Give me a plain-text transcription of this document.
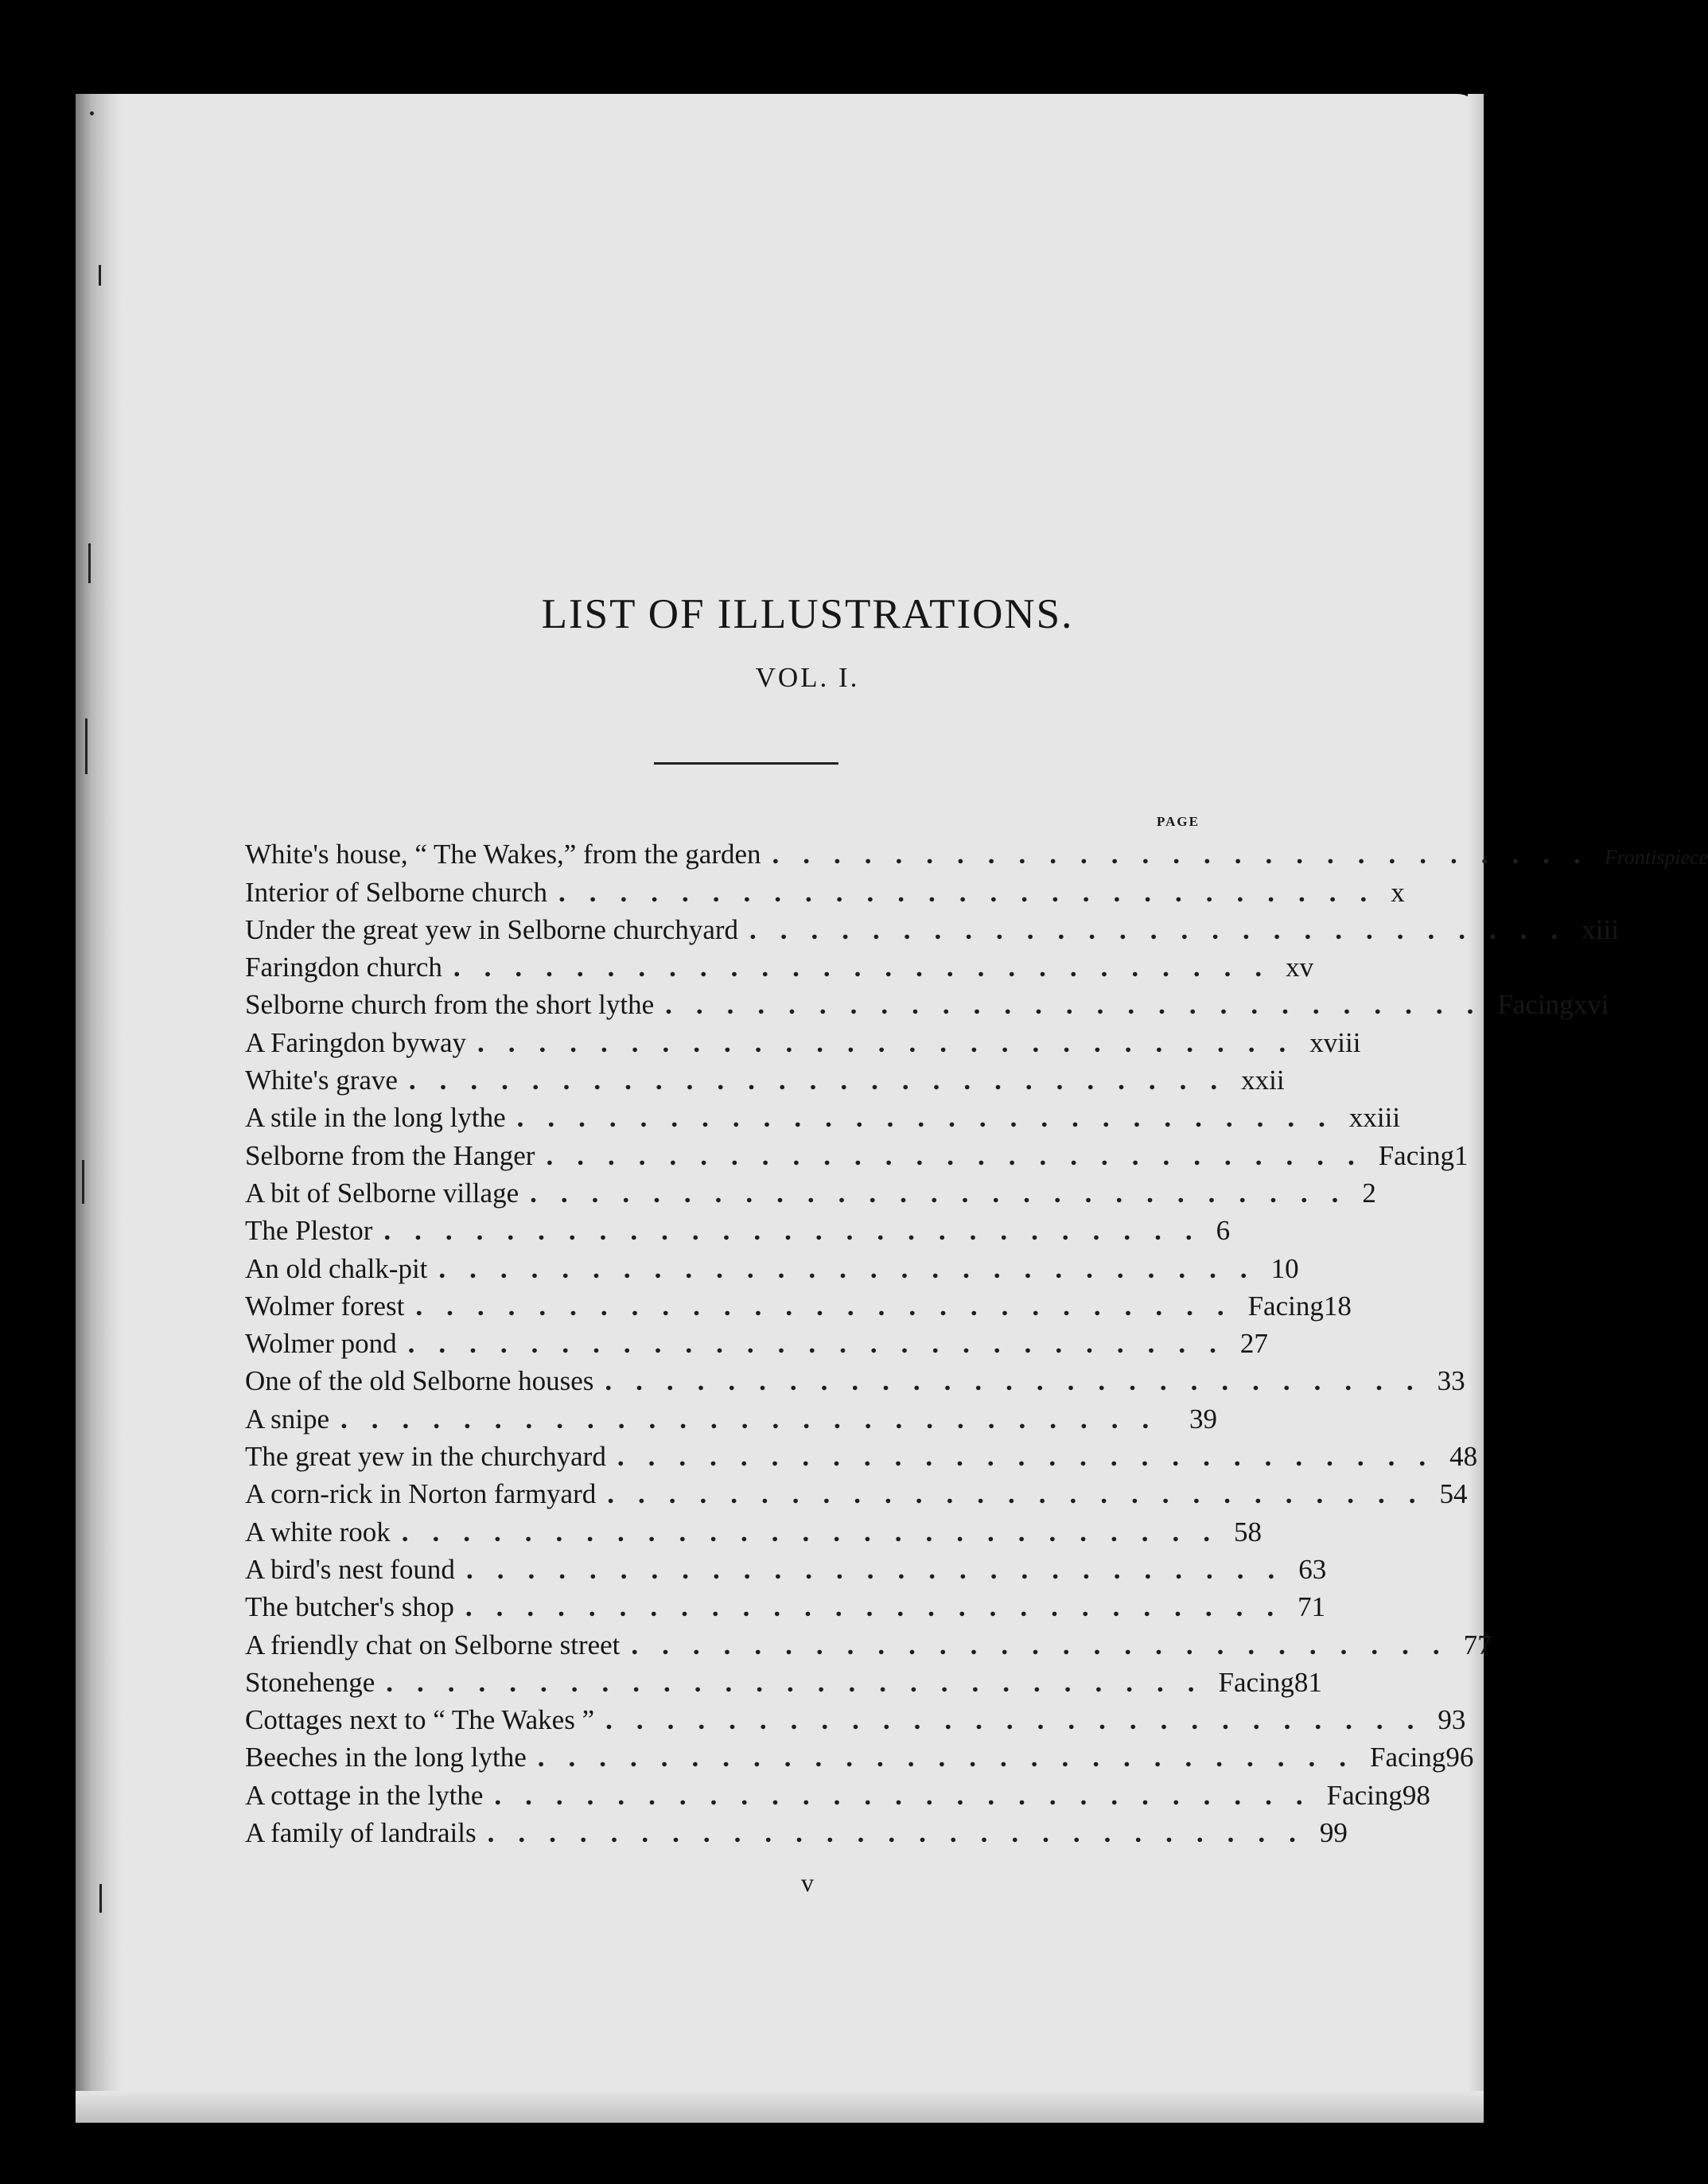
LIST OF ILLUSTRATIONS.
VOL. I.
PAGE
White's house, “ The Wakes,” from the garden ........................... Frontispiece
Interior of Selborne church ........................... x
Under the great yew in Selborne churchyard ........................... xiii
Faringdon church ........................... xv
Selborne church from the short lythe ........................... Facing xvi
A Faringdon byway ........................... xviii
White's grave ........................... xxii
A stile in the long lythe ........................... xxiii
Selborne from the Hanger ........................... Facing 1
A bit of Selborne village ........................... 2
The Plestor ........................... 6
An old chalk-pit ........................... 10
Wolmer forest ........................... Facing 18
Wolmer pond ........................... 27
One of the old Selborne houses ........................... 33
A snipe ........................... 39
The great yew in the churchyard ........................... 48
A corn-rick in Norton farmyard ........................... 54
A white rook ........................... 58
A bird's nest found ........................... 63
The butcher's shop ........................... 71
A friendly chat on Selborne street ........................... 77
Stonehenge ........................... Facing 81
Cottages next to “ The Wakes ” ........................... 93
Beeches in the long lythe ........................... Facing 96
A cottage in the lythe ........................... Facing 98
A family of landrails ........................... 99
v
